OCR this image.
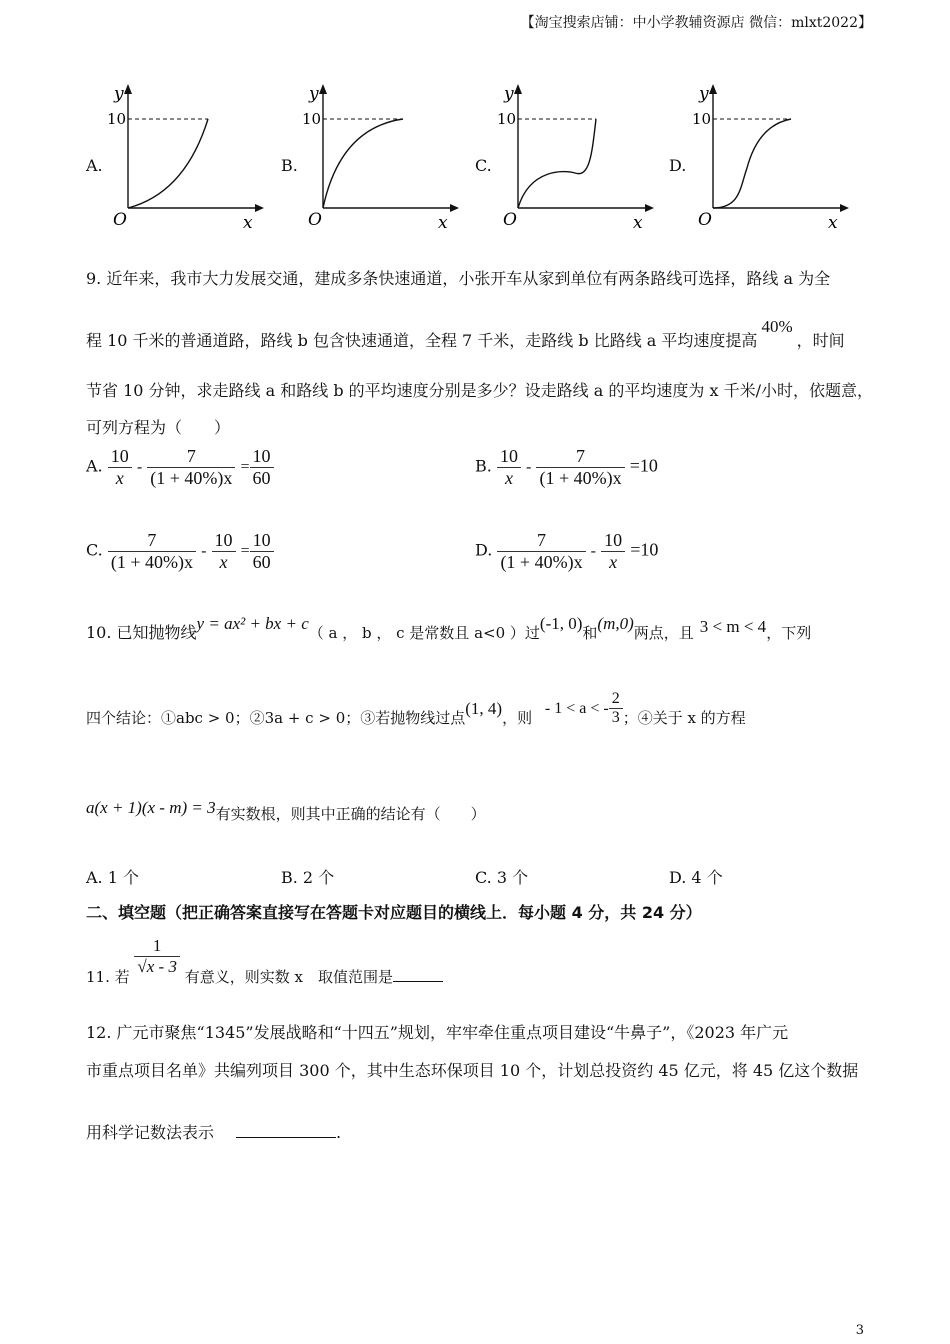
【淘宝搜索店铺：中小学教辅资源店 微信：mlxt2022】
A.
y
10
O	x
B.
y
10
O	x
C.
y
10
O	x
D.
y
10
O	x
9. 近年来，我市大力发展交通，建成多条快速通道，小张开车从家到单位有两条路线可选择，路线 a 为全
程 10 千米的普通道路，路线 b 包含快速通道，全程 7 千米，走路线 b 比路线 a 平均速度提高40%，时间
节省 10 分钟，求走路线 a 和路线 b 的平均速度分别是多少？设走路线 a 的平均速度为 x 千米/小时，依题意，
可列方程为（　　）
A. $\frac{10}{x} - \frac{7}{(1 + 40\%)x} = \frac{10}{60}$	B. $\frac{10}{x} - \frac{7}{(1 + 40\%)x} =10$
C. $\frac{7}{(1 + 40\%)x} - \frac{10}{x} = \frac{10}{60}$	D. $\frac{7}{(1 + 40\%)x} - \frac{10}{x} =10$
10. 已知抛物线y = ax² + bx + c（ a ， b ， c 是常数且 a<0 ）过(-1, 0)和(m,0)两点，且 3 < m < 4，下列
四个结论：①abc > 0；②3a + c > 0；③若抛物线过点(1, 4)，则 - 1 < a < - $\frac{2}{3}$ ；④关于 x 的方程
a(x + 1)(x - m) = 3有实数根，则其中正确的结论有（　　）
A. 1 个	B. 2 个	C. 3 个	D. 4 个
二、填空题（把正确答案直接写在答题卡对应题目的横线上．每小题 4 分，共 24 分）
11. 若
$\frac{1}{√x - 3}$
有意义，则实数 x　取值范围是
12. 广元市聚焦“1345”发展战略和“十四五”规划，牢牢牵住重点项目建设“牛鼻子”，《2023 年广元
市重点项目名单》共编列项目 300 个，其中生态环保项目 10 个，计划总投资约 45 亿元，将 45 亿这个数据
用科学记数法表示	.
3
